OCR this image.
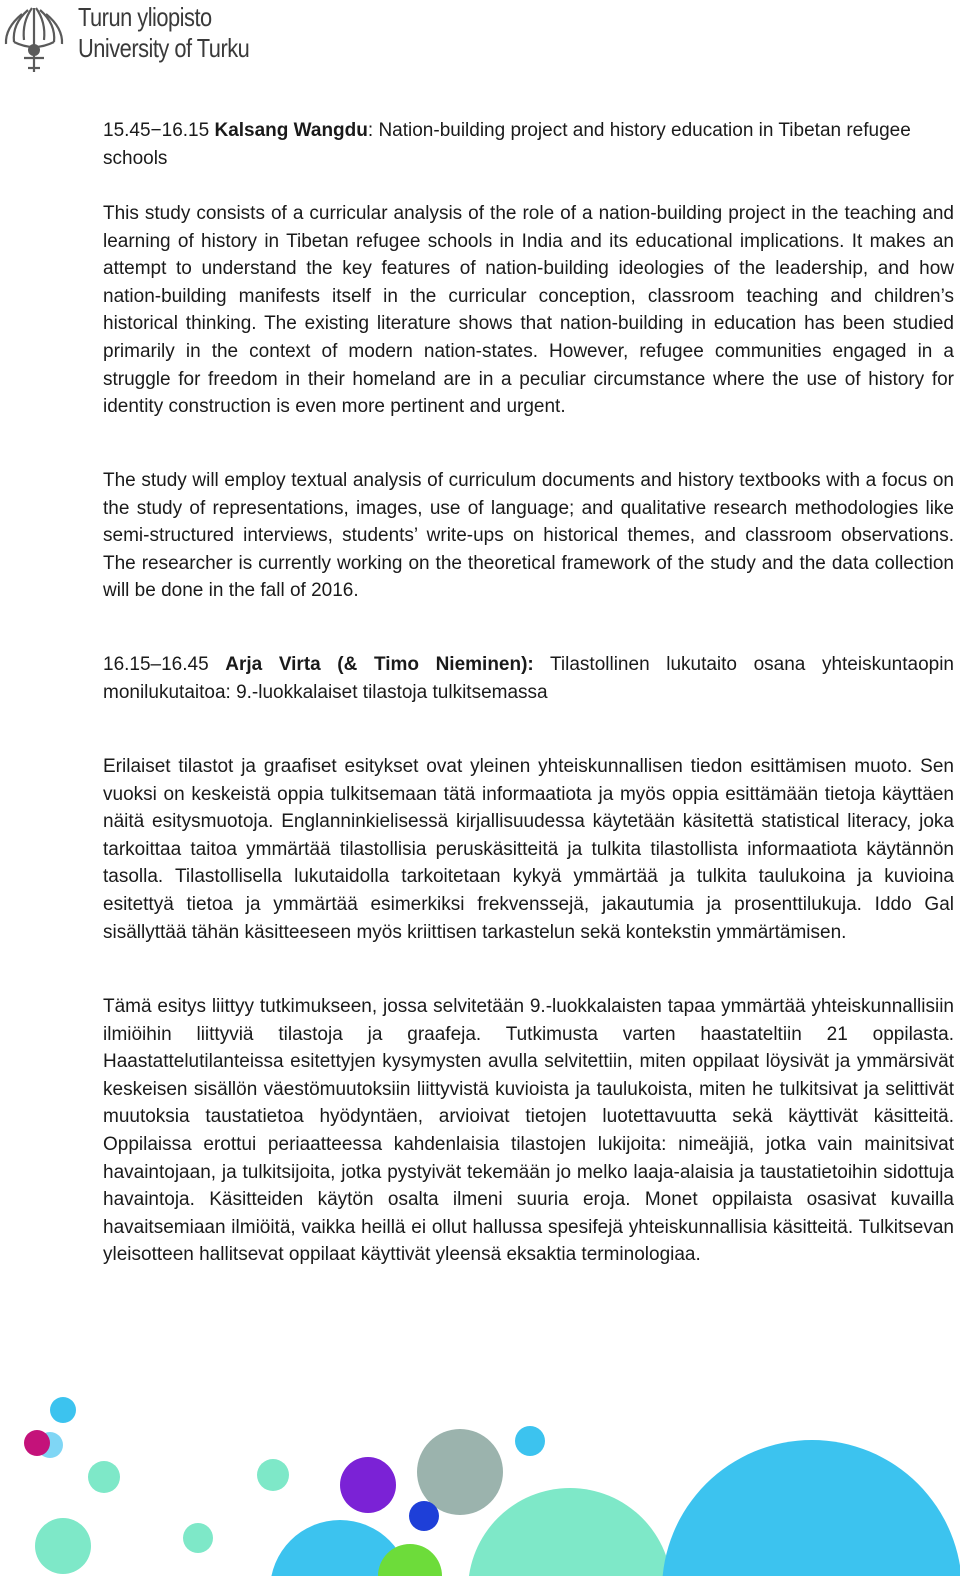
Turun yliopisto
University of Turku

15.45−16.15 Kalsang Wangdu: Nation-building project and history education in Tibetan refugee schools

This study consists of a curricular analysis of the role of a nation-building project in the teaching and learning of history in Tibetan refugee schools in India and its educational implications. It makes an attempt to understand the key features of nation-building ideologies of the leadership, and how nation-building manifests itself in the curricular conception, classroom teaching and children’s historical thinking. The existing literature shows that nation-building in education has been studied primarily in the context of modern nation-states. However, refugee communities engaged in a struggle for freedom in their homeland are in a peculiar circumstance where the use of history for identity construction is even more pertinent and urgent.

The study will employ textual analysis of curriculum documents and history textbooks with a focus on the study of representations, images, use of language; and qualitative research methodologies like semi-structured interviews, students’ write-ups on historical themes, and classroom observations. The researcher is currently working on the theoretical framework of the study and the data collection will be done in the fall of 2016.

16.15–16.45 Arja Virta (& Timo Nieminen): Tilastollinen lukutaito osana yhteiskuntaopin monilukutaitoa: 9.-luokkalaiset tilastoja tulkitsemassa

Erilaiset tilastot ja graafiset esitykset ovat yleinen yhteiskunnallisen tiedon esittämisen muoto. Sen vuoksi on keskeistä oppia tulkitsemaan tätä informaatiota ja myös oppia esittämään tietoja käyttäen näitä esitysmuotoja. Englanninkielisessä kirjallisuudessa käytetään käsitettä statistical literacy, joka tarkoittaa taitoa ymmärtää tilastollisia peruskäsitteitä ja tulkita tilastollista informaatiota käytännön tasolla. Tilastollisella lukutaidolla tarkoitetaan kykyä ymmärtää ja tulkita taulukoina ja kuvioina esitettyä tietoa ja ymmärtää esimerkiksi frekvenssejä, jakautumia ja prosenttilukuja. Iddo Gal sisällyttää tähän käsitteeseen myös kriittisen tarkastelun sekä kontekstin ymmärtämisen.

Tämä esitys liittyy tutkimukseen, jossa selvitetään 9.-luokkalaisten tapaa ymmärtää yhteiskunnallisiin ilmiöihin liittyviä tilastoja ja graafeja. Tutkimusta varten haastateltiin 21 oppilasta. Haastattelutilanteissa esitettyjen kysymysten avulla selvitettiin, miten oppilaat löysivät ja ymmärsivät keskeisen sisällön väestömuutoksiin liittyvistä kuvioista ja taulukoista, miten he tulkitsivat ja selittivät muutoksia taustatietoa hyödyntäen, arvioivat tietojen luotettavuutta sekä käyttivät käsitteitä. Oppilaissa erottui periaatteessa kahdenlaisia tilastojen lukijoita: nimeäjiä, jotka vain mainitsivat havaintojaan, ja tulkitsijoita, jotka pystyivät tekemään jo melko laaja-alaisia ja taustatietoihin sidottuja havaintoja. Käsitteiden käytön osalta ilmeni suuria eroja. Monet oppilaista osasivat kuvailla havaitsemiaan ilmiöitä, vaikka heillä ei ollut hallussa spesifejä yhteiskunnallisia käsitteitä. Tulkitsevan yleisotteen hallitsevat oppilaat käyttivät yleensä eksaktia terminologiaa.
